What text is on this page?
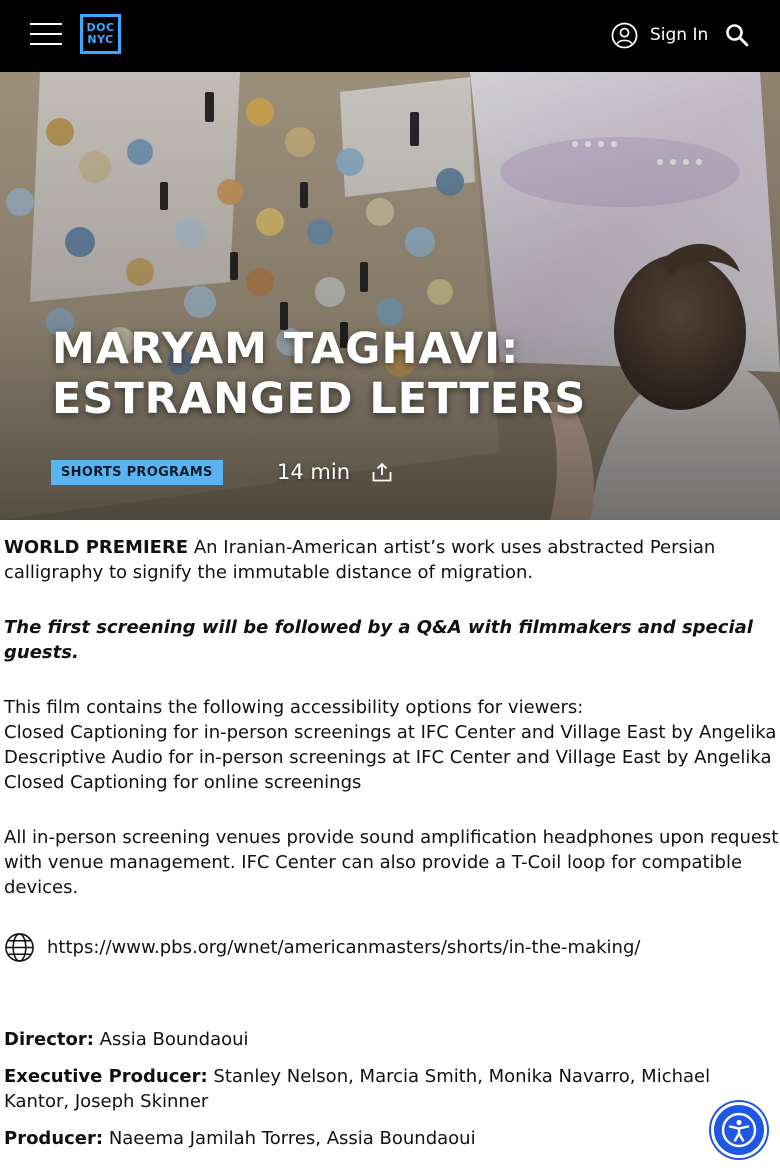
DOC
NYC	Sign In
MARYAM TAGHAVI:
ESTRANGED LETTERS
SHORTS PROGRAMS	14 min

WORLD PREMIERE An Iranian-American artist’s work uses abstracted Persian calligraphy to signify the immutable distance of migration.

The first screening will be followed by a Q&A with filmmakers and special guests.

This film contains the following accessibility options for viewers:
Closed Captioning for in-person screenings at IFC Center and Village East by Angelika
Descriptive Audio for in-person screenings at IFC Center and Village East by Angelika
Closed Captioning for online screenings

All in-person screening venues provide sound amplification headphones upon request with venue management. IFC Center can also provide a T-Coil loop for compatible devices.

https://www.pbs.org/wnet/americanmasters/shorts/in-the-making/

Director: Assia Boundaoui

Executive Producer: Stanley Nelson, Marcia Smith, Monika Navarro, Michael Kantor, Joseph Skinner

Producer: Naeema Jamilah Torres, Assia Boundaoui
